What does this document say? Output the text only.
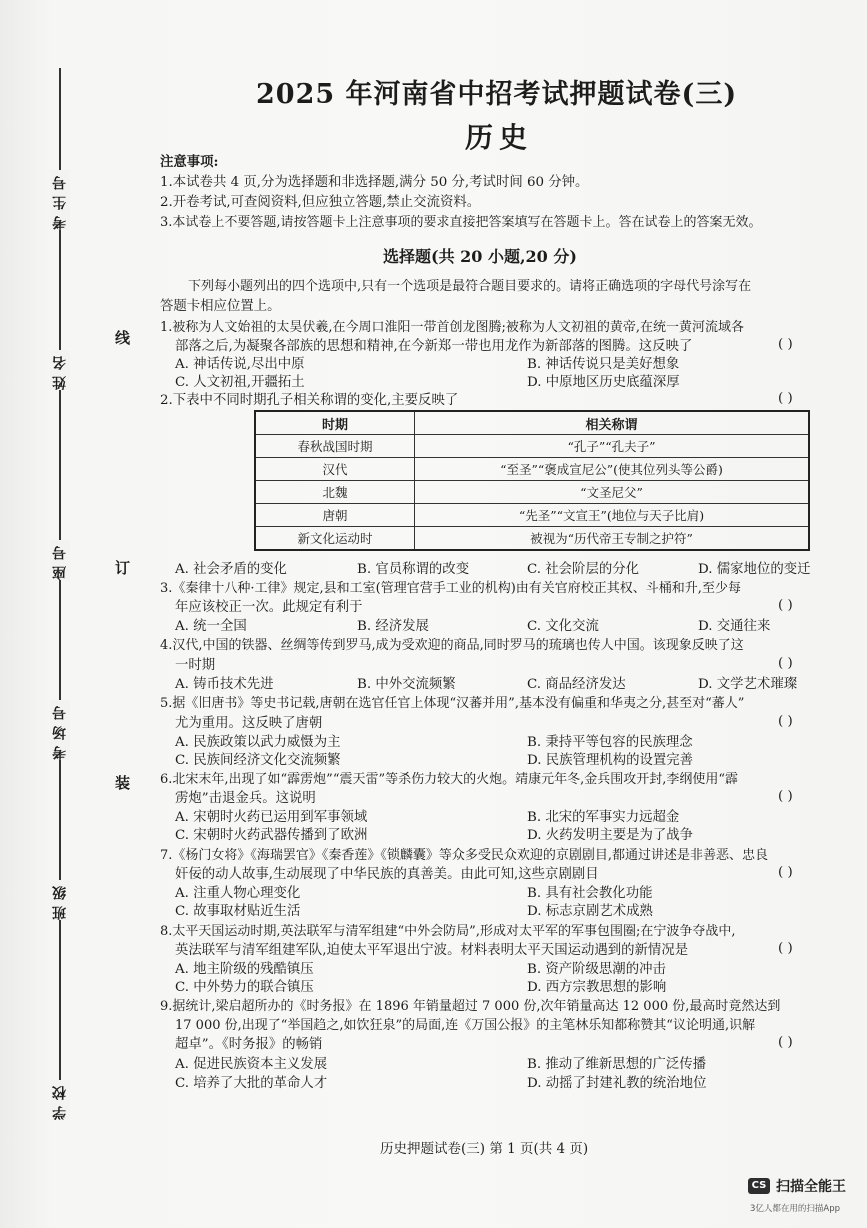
考生号
姓名
座号
考场号
班级
学校
线
订
装
2025 年河南省中招考试押题试卷(三)
历史
注意事项:
1.本试卷共 4 页,分为选择题和非选择题,满分 50 分,考试时间 60 分钟。
2.开卷考试,可查阅资料,但应独立答题,禁止交流资料。
3.本试卷上不要答题,请按答题卡上注意事项的要求直接把答案填写在答题卡上。答在试卷上的答案无效。
选择题(共 20 小题,20 分)
下列每小题列出的四个选项中,只有一个选项是最符合题目要求的。请将正确选项的字母代号涂写在
答题卡相应位置上。
1.被称为人文始祖的太昊伏羲,在今周口淮阳一带首创龙图腾;被称为人文初祖的黄帝,在统一黄河流域各
部落之后,为凝聚各部族的思想和精神,在今新郑一带也用龙作为新部落的图腾。这反映了	( )
A. 神话传说,尽出中原	B. 神话传说只是美好想象
C. 人文初祖,开疆拓土	D. 中原地区历史底蕴深厚
2.下表中不同时期孔子相关称谓的变化,主要反映了	( )
时期	相关称谓
春秋战国时期	“孔子”“孔夫子”
汉代	“至圣”“褒成宣尼公”(使其位列头等公爵)
北魏	“文圣尼父”
唐朝	“先圣”“文宣王”(地位与天子比肩)
新文化运动时	被视为“历代帝王专制之护符”
A. 社会矛盾的变化	B. 官员称谓的改变	C. 社会阶层的分化	D. 儒家地位的变迁
3.《秦律十八种·工律》规定,县和工室(管理官营手工业的机构)由有关官府校正其权、斗桶和升,至少每
年应该校正一次。此规定有利于	( )
A. 统一全国	B. 经济发展	C. 文化交流	D. 交通往来
4.汉代,中国的铁器、丝绸等传到罗马,成为受欢迎的商品,同时罗马的琉璃也传人中国。该现象反映了这
一时期	( )
A. 铸币技术先进	B. 中外交流频繁	C. 商品经济发达	D. 文学艺术璀璨
5.据《旧唐书》等史书记载,唐朝在选官任官上体现“汉蕃并用”,基本没有偏重和华夷之分,甚至对“蕃人”
尤为重用。这反映了唐朝	( )
A. 民族政策以武力威慑为主	B. 秉持平等包容的民族理念
C. 民族间经济文化交流频繁	D. 民族管理机构的设置完善
6.北宋末年,出现了如“霹雳炮”“震天雷”等杀伤力较大的火炮。靖康元年冬,金兵围攻开封,李纲使用“霹
雳炮”击退金兵。这说明	( )
A. 宋朝时火药已运用到军事领域	B. 北宋的军事实力远超金
C. 宋朝时火药武器传播到了欧洲	D. 火药发明主要是为了战争
7.《杨门女将》《海瑞罢官》《秦香莲》《锁麟囊》等众多受民众欢迎的京剧剧目,都通过讲述是非善恶、忠良
奸佞的动人故事,生动展现了中华民族的真善美。由此可知,这些京剧剧目	( )
A. 注重人物心理变化	B. 具有社会教化功能
C. 故事取材贴近生活	D. 标志京剧艺术成熟
8.太平天国运动时期,英法联军与清军组建“中外会防局”,形成对太平军的军事包围圈;在宁波争夺战中,
英法联军与清军组建军队,迫使太平军退出宁波。材料表明太平天国运动遇到的新情况是	( )
A. 地主阶级的残酷镇压	B. 资产阶级思潮的冲击
C. 中外势力的联合镇压	D. 西方宗教思想的影响
9.据统计,梁启超所办的《时务报》在 1896 年销量超过 7 000 份,次年销量高达 12 000 份,最高时竟然达到
17 000 份,出现了“举国趋之,如饮狂泉”的局面,连《万国公报》的主笔林乐知都称赞其“议论明通,识解
超卓”。《时务报》的畅销	( )
A. 促进民族资本主义发展	B. 推动了维新思想的广泛传播
C. 培养了大批的革命人才	D. 动摇了封建礼教的统治地位
历史押题试卷(三) 第 1 页(共 4 页)
CS 扫描全能王
3亿人都在用的扫描App
